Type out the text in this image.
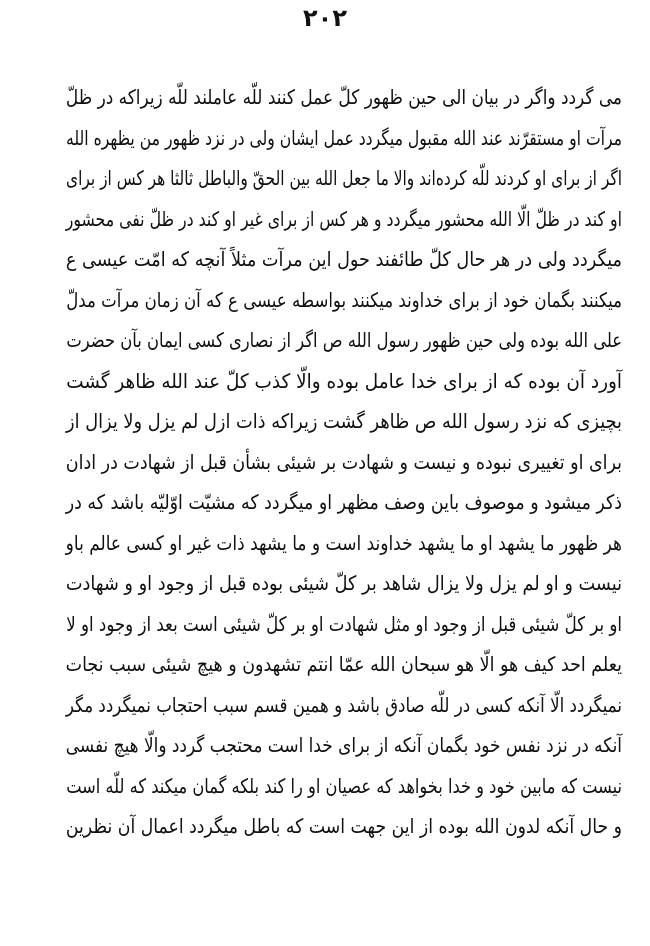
٢٠٢
مى گردد واگر در بيان الى حين ظهور كلّ عمل كنند للّه عاملند للّه زيراكه در ظلّ
مرآت او مستقرّند عند الله مقبول ميگردد عمل ايشان ولى در نزد ظهور من يظهره الله
اگر از براى او كردند للّه كرده‌اند والا ما جعل الله بين الحقّ والباطل ثالثا هر كس از براى
او كند در ظلّ الّا الله محشور ميگردد و هر كس از براى غير او كند در ظلّ نفى محشور
ميگردد ولى در هر حال كلّ طائفند حول اين مرآت مثلاً آنچه كه امّت عيسى ع
ميكنند بگمان خود از براى خداوند ميكنند بواسطه عيسى ع كه آن زمان مرآت مدلّ
على الله بوده ولى حين ظهور رسول الله ص اگر از نصارى كسى ايمان بآن حضرت
آورد آن بوده كه از براى خدا عامل بوده والّا كذب كلّ عند الله ظاهر گشت
بچيزى كه نزد رسول الله ص ظاهر گشت زيراكه ذات ازل لم يزل ولا يزال از
براى او تغييرى نبوده و نيست و شهادت بر شيئى بشأن قبل از شهادت در ادان
ذكر ميشود و موصوف باين وصف مظهر او ميگردد كه مشيّت اوّليّه باشد كه در
هر ظهور ما يشهد او ما يشهد خداوند است و ما يشهد ذات غير او كسى عالم باو
نيست و او لم يزل ولا يزال شاهد بر كلّ شيئى بوده قبل از وجود او و شهادت
او بر كلّ شيئى قبل از وجود او مثل شهادت او بر كلّ شيئى است بعد از وجود او لا
يعلم احد كيف هو الّا هو سبحان الله عمّا انتم تشهدون و هيچ شيئى سبب نجات
نميگردد الّا آنكه كسى در للّه صادق باشد و همين قسم سبب احتجاب نميگردد مگر
آنكه در نزد نفس خود بگمان آنكه از براى خدا است محتجب گردد والّا هيچ نفسى
نيست كه مابين خود و خدا بخواهد كه عصيان او را كند بلكه گمان ميكند كه للّه است
و حال آنكه لدون الله بوده از اين جهت است كه باطل ميگردد اعمال آن نظرين
